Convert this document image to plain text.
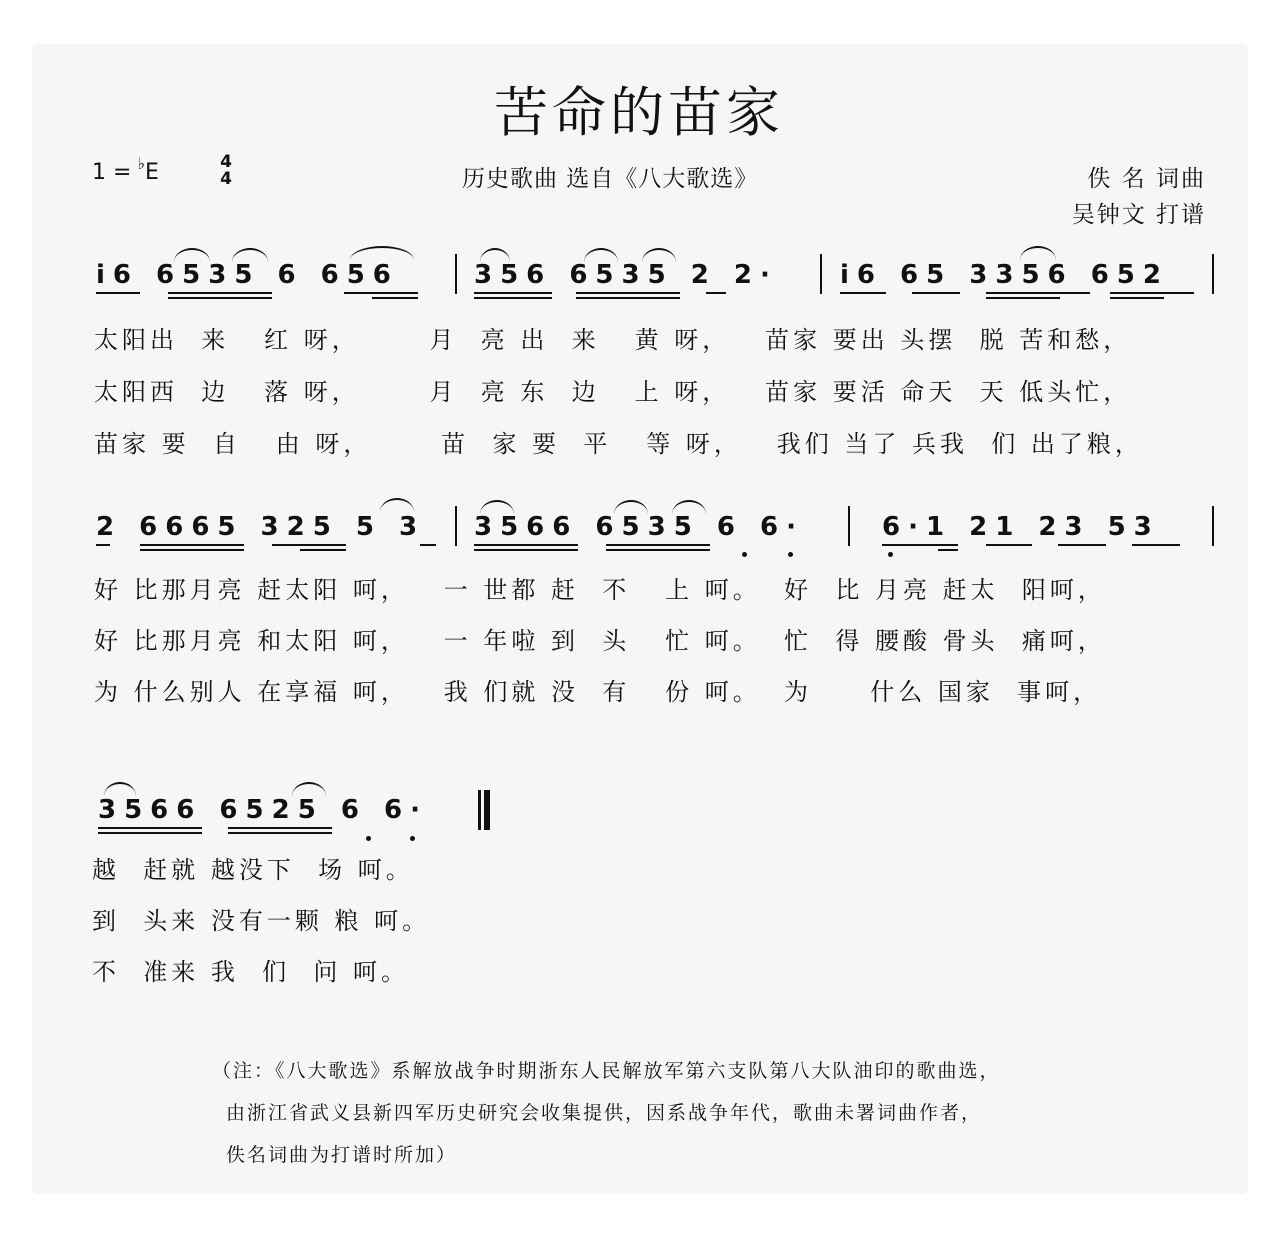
苦命的苗家
1 = ♭E	4
4	历史歌曲 选自《八大歌选》	佚 名 词曲
吴钟文 打谱
i6 6535 6 656	356 6535 2 2· i6 65 3356 652
太阳出  来   红 呀，      月  亮 出  来   黄 呀，   苗家 要出 头摆  脱 苦和愁，
太阳西  边   落 呀，      月  亮 东  边   上 呀，   苗家 要活 命天  天 低头忙，
苗家 要  自   由 呀，      苗  家 要  平   等 呀，   我们 当了 兵我  们 出了粮，
2 6665 325 5 3 3566 6535 6 6·	6·1 21 23 53
好 比那月亮 赶太阳 呵，   一 世都 赶  不   上 呵。  好  比 月亮 赶太  阳呵，
好 比那月亮 和太阳 呵，   一 年啦 到  头   忙 呵。  忙  得 腰酸 骨头  痛呵，
为 什么别人 在享福 呵，   我 们就 没  有   份 呵。  为     什么 国家  事呵，
3566 6525 6 6·
越  赶就 越没下  场 呵。
到  头来 没有一颗 粮 呵。
不  准来 我  们  问 呵。
（注：《八大歌选》系解放战争时期浙东人民解放军第六支队第八大队油印的歌曲选，
由浙江省武义县新四军历史研究会收集提供，因系战争年代，歌曲未署词曲作者，
佚名词曲为打谱时所加）
